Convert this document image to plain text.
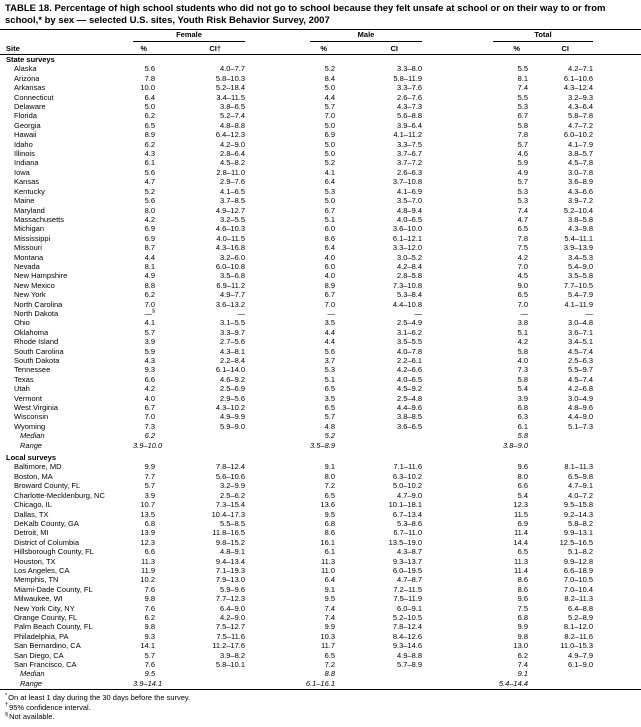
TABLE 18. Percentage of high school students who did not go to school because they felt unsafe at school or on their way to or from school,* by sex — selected U.S. sites, Youth Risk Behavior Survey, 2007

	Female		Male		Total		

Site	%	CI†	%	CI	%	CI	
State surveys							
Alaska	5.6	4.0–7.7	5.2	3.3–8.0	5.5	4.2–7.1	
Arizona	7.8	5.8–10.3	8.4	5.8–11.9	8.1	6.1–10.6	
Arkansas	10.0	5.2–18.4	5.0	3.3–7.6	7.4	4.3–12.4	
Connecticut	6.4	3.4–11.5	4.4	2.6–7.6	5.5	3.2–9.3	
Delaware	5.0	3.8–6.5	5.7	4.3–7.3	5.3	4.3–6.4	
Florida	6.2	5.2–7.4	7.0	5.6–8.8	6.7	5.8–7.8	
Georgia	6.5	4.8–8.8	5.0	3.9–6.4	5.8	4.7–7.2	
Hawaii	8.9	6.4–12.3	6.9	4.1–11.2	7.8	6.0–10.2	
Idaho	6.2	4.2–9.0	5.0	3.3–7.5	5.7	4.1–7.9	
Illinois	4.3	2.8–6.4	5.0	3.7–6.7	4.6	3.8–5.7	
Indiana	6.1	4.5–8.2	5.2	3.7–7.2	5.9	4.5–7.8	
Iowa	5.6	2.8–11.0	4.1	2.6–6.3	4.9	3.0–7.8	
Kansas	4.7	2.9–7.6	6.4	3.7–10.8	5.7	3.6–8.9	
Kentucky	5.2	4.1–6.5	5.3	4.1–6.9	5.3	4.3–6.6	
Maine	5.6	3.7–8.5	5.0	3.5–7.0	5.3	3.9–7.2	
Maryland	8.0	4.9–12.7	6.7	4.8–9.4	7.4	5.2–10.4	
Massachusetts	4.2	3.2–5.5	5.1	4.0–6.5	4.7	3.8–5.8	
Michigan	6.9	4.6–10.3	6.0	3.6–10.0	6.5	4.3–9.8	
Mississippi	6.9	4.0–11.5	8.6	6.1–12.1	7.8	5.4–11.1	
Missouri	8.7	4.3–16.8	6.4	3.3–12.0	7.5	3.9–13.9	
Montana	4.4	3.2–6.0	4.0	3.0–5.2	4.2	3.4–5.3	
Nevada	8.1	6.0–10.8	6.0	4.2–8.4	7.0	5.4–9.0	
New Hampshire	4.9	3.5–6.8	4.0	2.8–5.8	4.5	3.5–5.8	
New Mexico	8.8	6.9–11.2	8.9	7.3–10.8	9.0	7.7–10.5	
New York	6.2	4.9–7.7	6.7	5.3–8.4	6.5	5.4–7.9	
North Carolina	7.0	3.6–13.2	7.0	4.4–10.8	7.0	4.1–11.9	
North Dakota	—§	—	—	—	—	—	
Ohio	4.1	3.1–5.5	3.5	2.5–4.9	3.8	3.0–4.8	
Oklahoma	5.7	3.3–9.7	4.4	3.1–6.2	5.1	3.6–7.1	
Rhode Island	3.9	2.7–5.6	4.4	3.5–5.5	4.2	3.4–5.1	
South Carolina	5.9	4.3–8.1	5.6	4.0–7.8	5.8	4.5–7.4	
South Dakota	4.3	2.2–8.4	3.7	2.2–6.1	4.0	2.5–6.3	
Tennessee	9.3	6.1–14.0	5.3	4.2–6.6	7.3	5.5–9.7	
Texas	6.6	4.6–9.2	5.1	4.0–6.5	5.8	4.5–7.4	
Utah	4.2	2.5–6.9	6.5	4.5–9.2	5.4	4.2–6.8	
Vermont	4.0	2.9–5.6	3.5	2.5–4.8	3.9	3.0–4.9	
West Virginia	6.7	4.3–10.2	6.5	4.4–9.6	6.8	4.8–9.6	
Wisconsin	7.0	4.9–9.9	5.7	3.8–8.5	6.3	4.4–9.0	
Wyoming	7.3	5.9–9.0	4.8	3.6–6.5	6.1	5.1–7.3	
Median	6.2		5.2		5.8		
Range	3.9–10.0		3.5–8.9		3.8–9.0		
Local surveys							
Baltimore, MD	9.9	7.8–12.4	9.1	7.1–11.6	9.6	8.1–11.3	
Boston, MA	7.7	5.6–10.6	8.0	6.3–10.2	8.0	6.5–9.8	
Broward County, FL	5.7	3.2–9.9	7.2	5.0–10.2	6.6	4.7–9.1	
Charlotte-Mecklenburg, NC	3.9	2.5–6.2	6.5	4.7–9.0	5.4	4.0–7.2	
Chicago, IL	10.7	7.3–15.4	13.6	10.1–18.1	12.3	9.5–15.8	
Dallas, TX	13.5	10.4–17.3	9.5	6.7–13.4	11.5	9.2–14.3	
DeKalb County, GA	6.8	5.5–8.5	6.8	5.3–8.6	6.9	5.8–8.2	
Detroit, MI	13.9	11.8–16.5	8.6	6.7–11.0	11.4	9.9–13.1	
District of Columbia	12.3	9.8–15.2	16.1	13.5–19.0	14.4	12.5–16.5	
Hillsborough County, FL	6.6	4.8–9.1	6.1	4.3–8.7	6.5	5.1–8.2	
Houston, TX	11.3	9.4–13.4	11.3	9.3–13.7	11.3	9.9–12.8	
Los Angeles, CA	11.9	7.1–19.3	11.0	6.0–19.5	11.4	6.6–18.9	
Memphis, TN	10.2	7.9–13.0	6.4	4.7–8.7	8.6	7.0–10.5	
Miami-Dade County, FL	7.6	5.9–9.6	9.1	7.2–11.5	8.6	7.0–10.4	
Milwaukee, WI	9.8	7.7–12.3	9.5	7.5–11.9	9.6	8.2–11.3	
New York City, NY	7.6	6.4–9.0	7.4	6.0–9.1	7.5	6.4–8.8	
Orange County, FL	6.2	4.2–9.0	7.4	5.2–10.5	6.8	5.2–8.9	
Palm Beach County, FL	9.8	7.5–12.7	9.9	7.8–12.4	9.9	8.1–12.0	
Philadelphia, PA	9.3	7.5–11.6	10.3	8.4–12.6	9.8	8.2–11.6	
San Bernardino, CA	14.1	11.2–17.6	11.7	9.3–14.6	13.0	11.0–15.3	
San Diego, CA	5.7	3.9–8.2	6.5	4.9–8.8	6.2	4.9–7.9	
San Francisco, CA	7.6	5.8–10.1	7.2	5.7–8.9	7.4	6.1–9.0	
Median	9.5		8.8		9.1		
Range	3.9–14.1		6.1–16.1		5.4–14.4		
*On at least 1 day during the 30 days before the survey.
†95% confidence interval.
§Not available.
